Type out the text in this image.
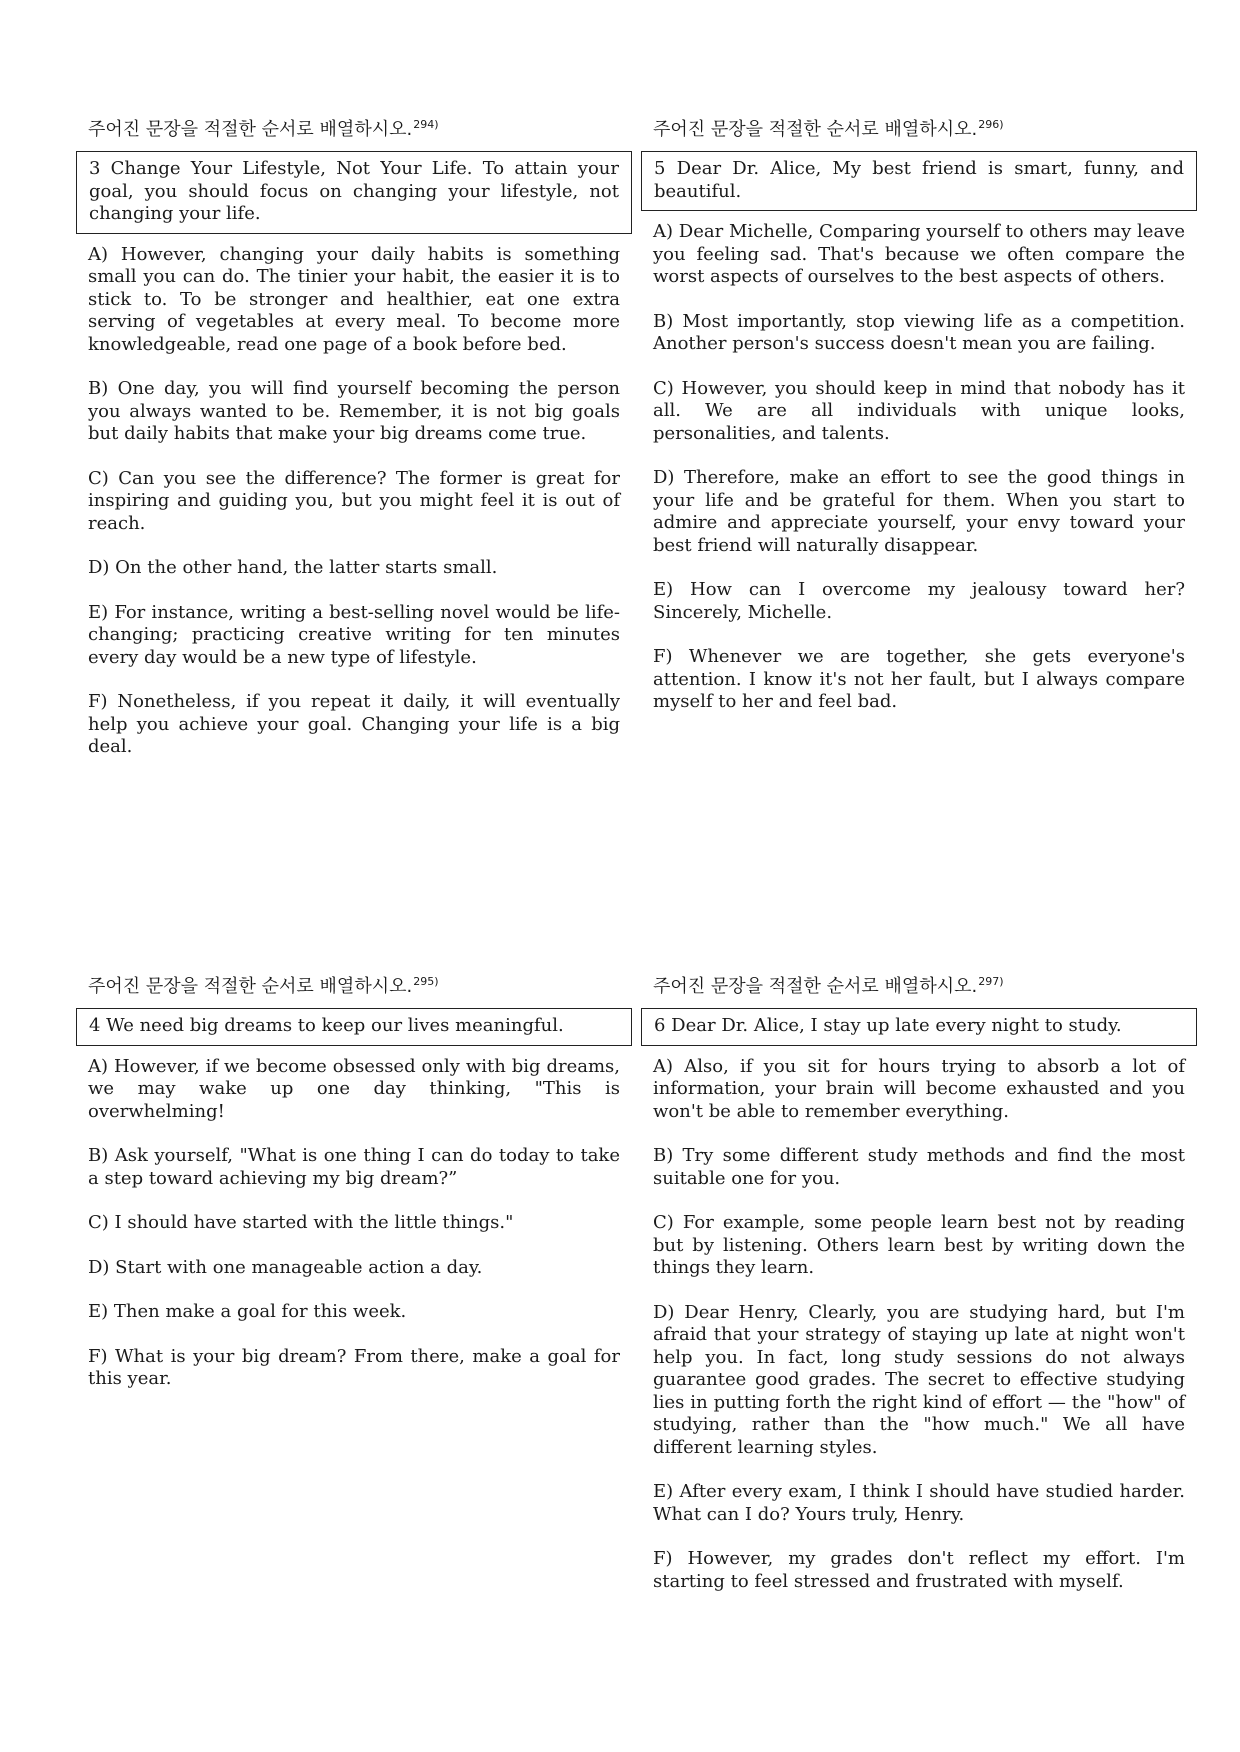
주어진 문장을 적절한 순서로 배열하시오.$^{294)}$
3 Change Your Lifestyle, Not Your Life. To attain your goal, you should focus on changing your lifestyle, not changing your life.

A) However, changing your daily habits is something small you can do. The tinier your habit, the easier it is to stick to. To be stronger and healthier, eat one extra serving of vegetables at every meal. To become more knowledgeable, read one page of a book before bed.

B) One day, you will find yourself becoming the person you always wanted to be. Remember, it is not big goals but daily habits that make your big dreams come true.

C) Can you see the difference? The former is great for inspiring and guiding you, but you might feel it is out of reach.

D) On the other hand, the latter starts small.

E) For instance, writing a best-selling novel would be life-changing; practicing creative writing for ten minutes every day would be a new type of lifestyle.

F) Nonetheless, if you repeat it daily, it will eventually help you achieve your goal. Changing your life is a big deal.

주어진 문장을 적절한 순서로 배열하시오.$^{296)}$
5 Dear Dr. Alice, My best friend is smart, funny, and beautiful.

A) Dear Michelle, Comparing yourself to others may leave you feeling sad. That's because we often compare the worst aspects of ourselves to the best aspects of others.

B) Most importantly, stop viewing life as a competition. Another person's success doesn't mean you are failing.

C) However, you should keep in mind that nobody has it all. We are all individuals with unique looks, personalities, and talents.

D) Therefore, make an effort to see the good things in your life and be grateful for them. When you start to admire and appreciate yourself, your envy toward your best friend will naturally disappear.

E) How can I overcome my jealousy toward her? Sincerely, Michelle.

F) Whenever we are together, she gets everyone's attention. I know it's not her fault, but I always compare myself to her and feel bad.

주어진 문장을 적절한 순서로 배열하시오.$^{295)}$
4 We need big dreams to keep our lives meaningful.

A) However, if we become obsessed only with big dreams, we may wake up one day thinking, "This is overwhelming!

B) Ask yourself, "What is one thing I can do today to take a step toward achieving my big dream?”

C) I should have started with the little things."

D) Start with one manageable action a day.

E) Then make a goal for this week.

F) What is your big dream? From there, make a goal for this year.

주어진 문장을 적절한 순서로 배열하시오.$^{297)}$
6 Dear Dr. Alice, I stay up late every night to study.

A) Also, if you sit for hours trying to absorb a lot of information, your brain will become exhausted and you won't be able to remember everything.

B) Try some different study methods and find the most suitable one for you.

C) For example, some people learn best not by reading but by listening. Others learn best by writing down the things they learn.

D) Dear Henry, Clearly, you are studying hard, but I'm afraid that your strategy of staying up late at night won't help you. In fact, long study sessions do not always guarantee good grades. The secret to effective studying lies in putting forth the right kind of effort — the "how" of studying, rather than the "how much." We all have different learning styles.

E) After every exam, I think I should have studied harder. What can I do? Yours truly, Henry.

F) However, my grades don't reflect my effort. I'm starting to feel stressed and frustrated with myself.
